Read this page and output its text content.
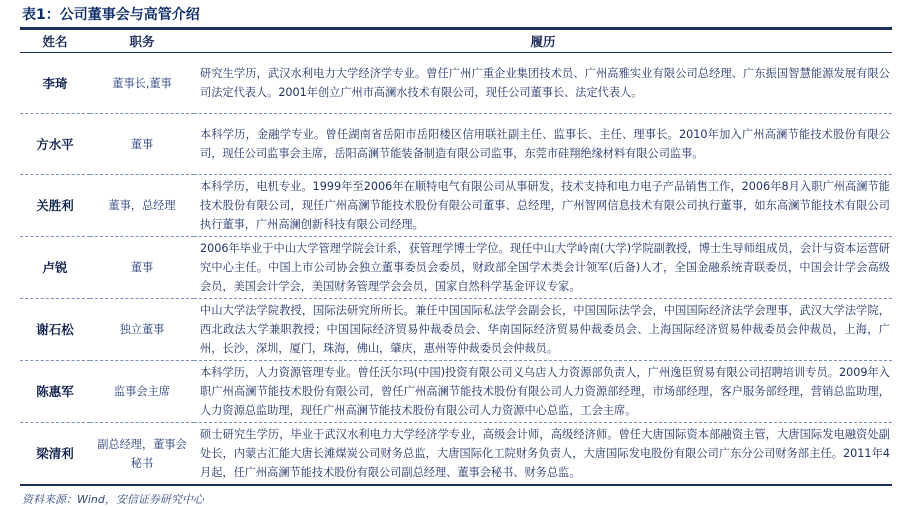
表1：公司董事会与高管介绍
姓名	职务	履历
李琦	董事长,董事	研究生学历，武汉水利电力大学经济学专业。曾任广州广重企业集团技术员、广州高雅实业有限公司总经理、广东振国智慧能源发展有限公司法定代表人。2001年创立广州市高澜水技术有限公司，现任公司董事长、法定代表人。
方水平	董事	本科学历，金融学专业。曾任湖南省岳阳市岳阳楼区信用联社副主任、监事长、主任、理事长。2010年加入广州高澜节能技术股份有限公司，现任公司监事会主席，岳阳高澜节能装备制造有限公司监事，东莞市硅翔绝缘材料有限公司监事。
关胜利	董事，总经理	本科学历，电机专业。1999年至2006年在顺特电气有限公司从事研发，技术支持和电力电子产品销售工作，2006年8月入职广州高澜节能技术股份有限公司，现任广州高澜节能技术股份有限公司董事、总经理，广州智网信息技术有限公司执行董事，如东高澜节能技术有限公司执行董事，广州高澜创新科技有限公司经理。
卢锐	董事	2006年毕业于中山大学管理学院会计系，获管理学博士学位。现任中山大学岭南(大学)学院副教授，博士生导师组成员，会计与资本运营研究中心主任。中国上市公司协会独立董事委员会委员，财政部全国学术类会计领军(后备)人才，全国金融系统青联委员，中国会计学会高级会员，美国会计学会，美国财务管理学会会员，国家自然科学基金评议专家。
谢石松	独立董事	中山大学法学院教授，国际法研究所所长。兼任中国国际私法学会副会长，中国国际法学会，中国国际经济法学会理事，武汉大学法学院，西北政法大学兼职教授；中国国际经济贸易仲裁委员会、华南国际经济贸易仲裁委员会、上海国际经济贸易仲裁委员会仲裁员，上海，广州，长沙，深圳，厦门，珠海，佛山，肇庆，惠州等仲裁委员会仲裁员。
陈惠军	监事会主席	本科学历，人力资源管理专业。曾任沃尔玛(中国)投资有限公司义乌店人力资源部负责人，广州逸臣贸易有限公司招聘培训专员。2009年入职广州高澜节能技术股份有限公司，曾任广州高澜节能技术股份有限公司人力资源部经理，市场部经理，客户服务部经理，营销总监助理，人力资源总监助理，现任广州高澜节能技术股份有限公司人力资源中心总监，工会主席。
梁清利	副总经理，董事会秘书	硕士研究生学历，毕业于武汉水利电力大学经济学专业，高级会计师，高级经济师。曾任大唐国际资本部融资主管，大唐国际发电融资处副处长，内蒙古汇能大唐长滩煤炭公司财务总监，大唐国际化工院财务负责人，大唐国际发电股份有限公司广东分公司财务部主任。2011年4月起，任广州高澜节能技术股份有限公司副总经理、董事会秘书、财务总监。
资料来源：Wind，安信证券研究中心
